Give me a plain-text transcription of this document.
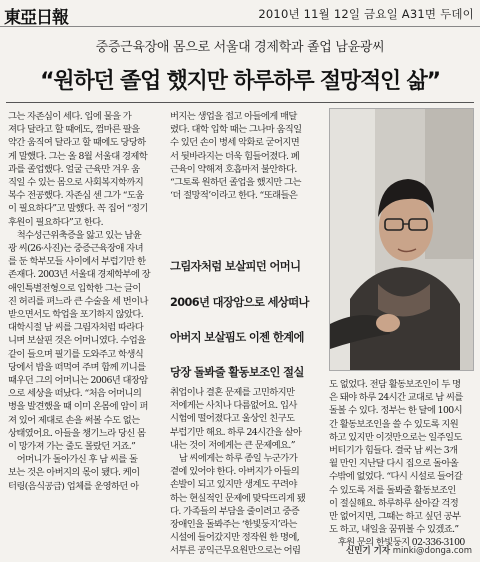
東亞日報	2010년 11월 12일 금요일 A31면 두데이
중증근육장애 몸으로 서울대 경제학과 졸업 남윤광씨
“원하던 졸업 했지만 하루하루 절망적인 삶”

그는 자존심이 세다. 입에 물을 가

져다 달라고 할 때에도, 껌마른 팔을

약간 움직여 달라고 할 때에도 당당하

게 말했다. 그는 올 8월 서울대 경제학

과를 졸업했다. 얼굴 근육만 겨우 움

직일 수 있는 몸으로 사회복지학까지

복수 전공했다. 자존심 센 그가 “도움

이 필요하다”고 말했다. 꼭 집어 “정기

후원이 필요하다”고 한다.

　척수성근위축증을 앓고 있는 남윤

광 씨(26·사진)는 중증근육장애 자녀

를 둔 학부모들 사이에서 부럽기만 한

존재다. 2003년 서울대 경제학부에 장

애인특별전형으로 입학한 그는 글이

진 허리를 펴느라 큰 수술을 세 번이나

받으면서도 학업을 포기하지 않았다.

대학시절 남 씨를 그림자처럼 따라다

니며 보살핀 것은 어머니였다. 수업을

같이 들으며 필기를 도와주고 학생식

당에서 밥을 떠먹여 주며 함께 끼니를

때우던 그의 어머니는 2006년 대장암

으로 세상을 떠났다. “처음 어머니의

병을 발견했을 때 이미 온몸에 암이 퍼

져 있어 제대로 손을 써볼 수도 없는

상태였어요. 아들을 챙기느라 당신 몸

이 망가져 가는 줄도 몰랐던 거죠.”

　어머니가 돌아가신 후 남 씨를 돌

보는 것은 아버지의 몫이 됐다. 케이

터링(음식공급) 업체를 운영하던 아

버지는 생업을 접고 아들에게 매달

렸다. 대학 입학 때는 그나마 움직일

수 있던 손이 병세 악화로 굳어지면

서 뒷바라지는 더욱 힘들어졌다. 폐

근육이 약해져 호흡마저 불안하다.

“그토록 원하던 졸업을 했지만 그는

‘더 절망적’이라고 한다. “또래들은

그림자처럼 보살피던 어머니

2006년 대장암으로 세상떠나

아버지 보살핌도 이젠 한계에

당장 돌봐줄 활동보조인 절실

취업이나 결혼 문제를 고민하지만

저에게는 사치나 다름없어요. 입사

시험에 떨어졌다고 울상인 친구도

부럽기만 해요. 하루 24시간을 살아

내는 것이 저에게는 큰 문제예요.”

　남 씨에게는 하루 종일 누군가가

곁에 있어야 한다. 아버지가 아들의

손발이 되고 있지만 생계도 꾸려야

하는 현실적인 문제에 맞닥뜨리게 됐

다. 가족들의 부담을 줄이려고 중증

장애인을 돌봐주는 ‘한빛둥지’라는

시설에 들어갔지만 정작원 한 명에,

서투른 공익근무요원만으로는 어림

도 없었다. 전담 활동보조인이 두 명

은 돼야 하루 24시간 교대로 남 씨를

돌볼 수 있다. 정부는 한 달에 100시

간 활동보조인을 쓸 수 있도록 지원

하고 있지만 이것만으로는 일주일도

버티기가 힘들다. 결국 남 씨는 3개

월 만인 지난달 다시 집으로 돌아올

수밖에 없었다. “다시 시설로 들어갈

수 있도록 저를 돌봐줄 활동보조인

이 절실해요. 하루하루 살아갈 걱정

만 없어지면, 그때는 하고 싶던 공부

도 하고, 내일을 꿈꿔볼 수 있겠죠.”

　후원 문의 한빛둥지 02-336-3100

신민기 기자 minki@donga.com
